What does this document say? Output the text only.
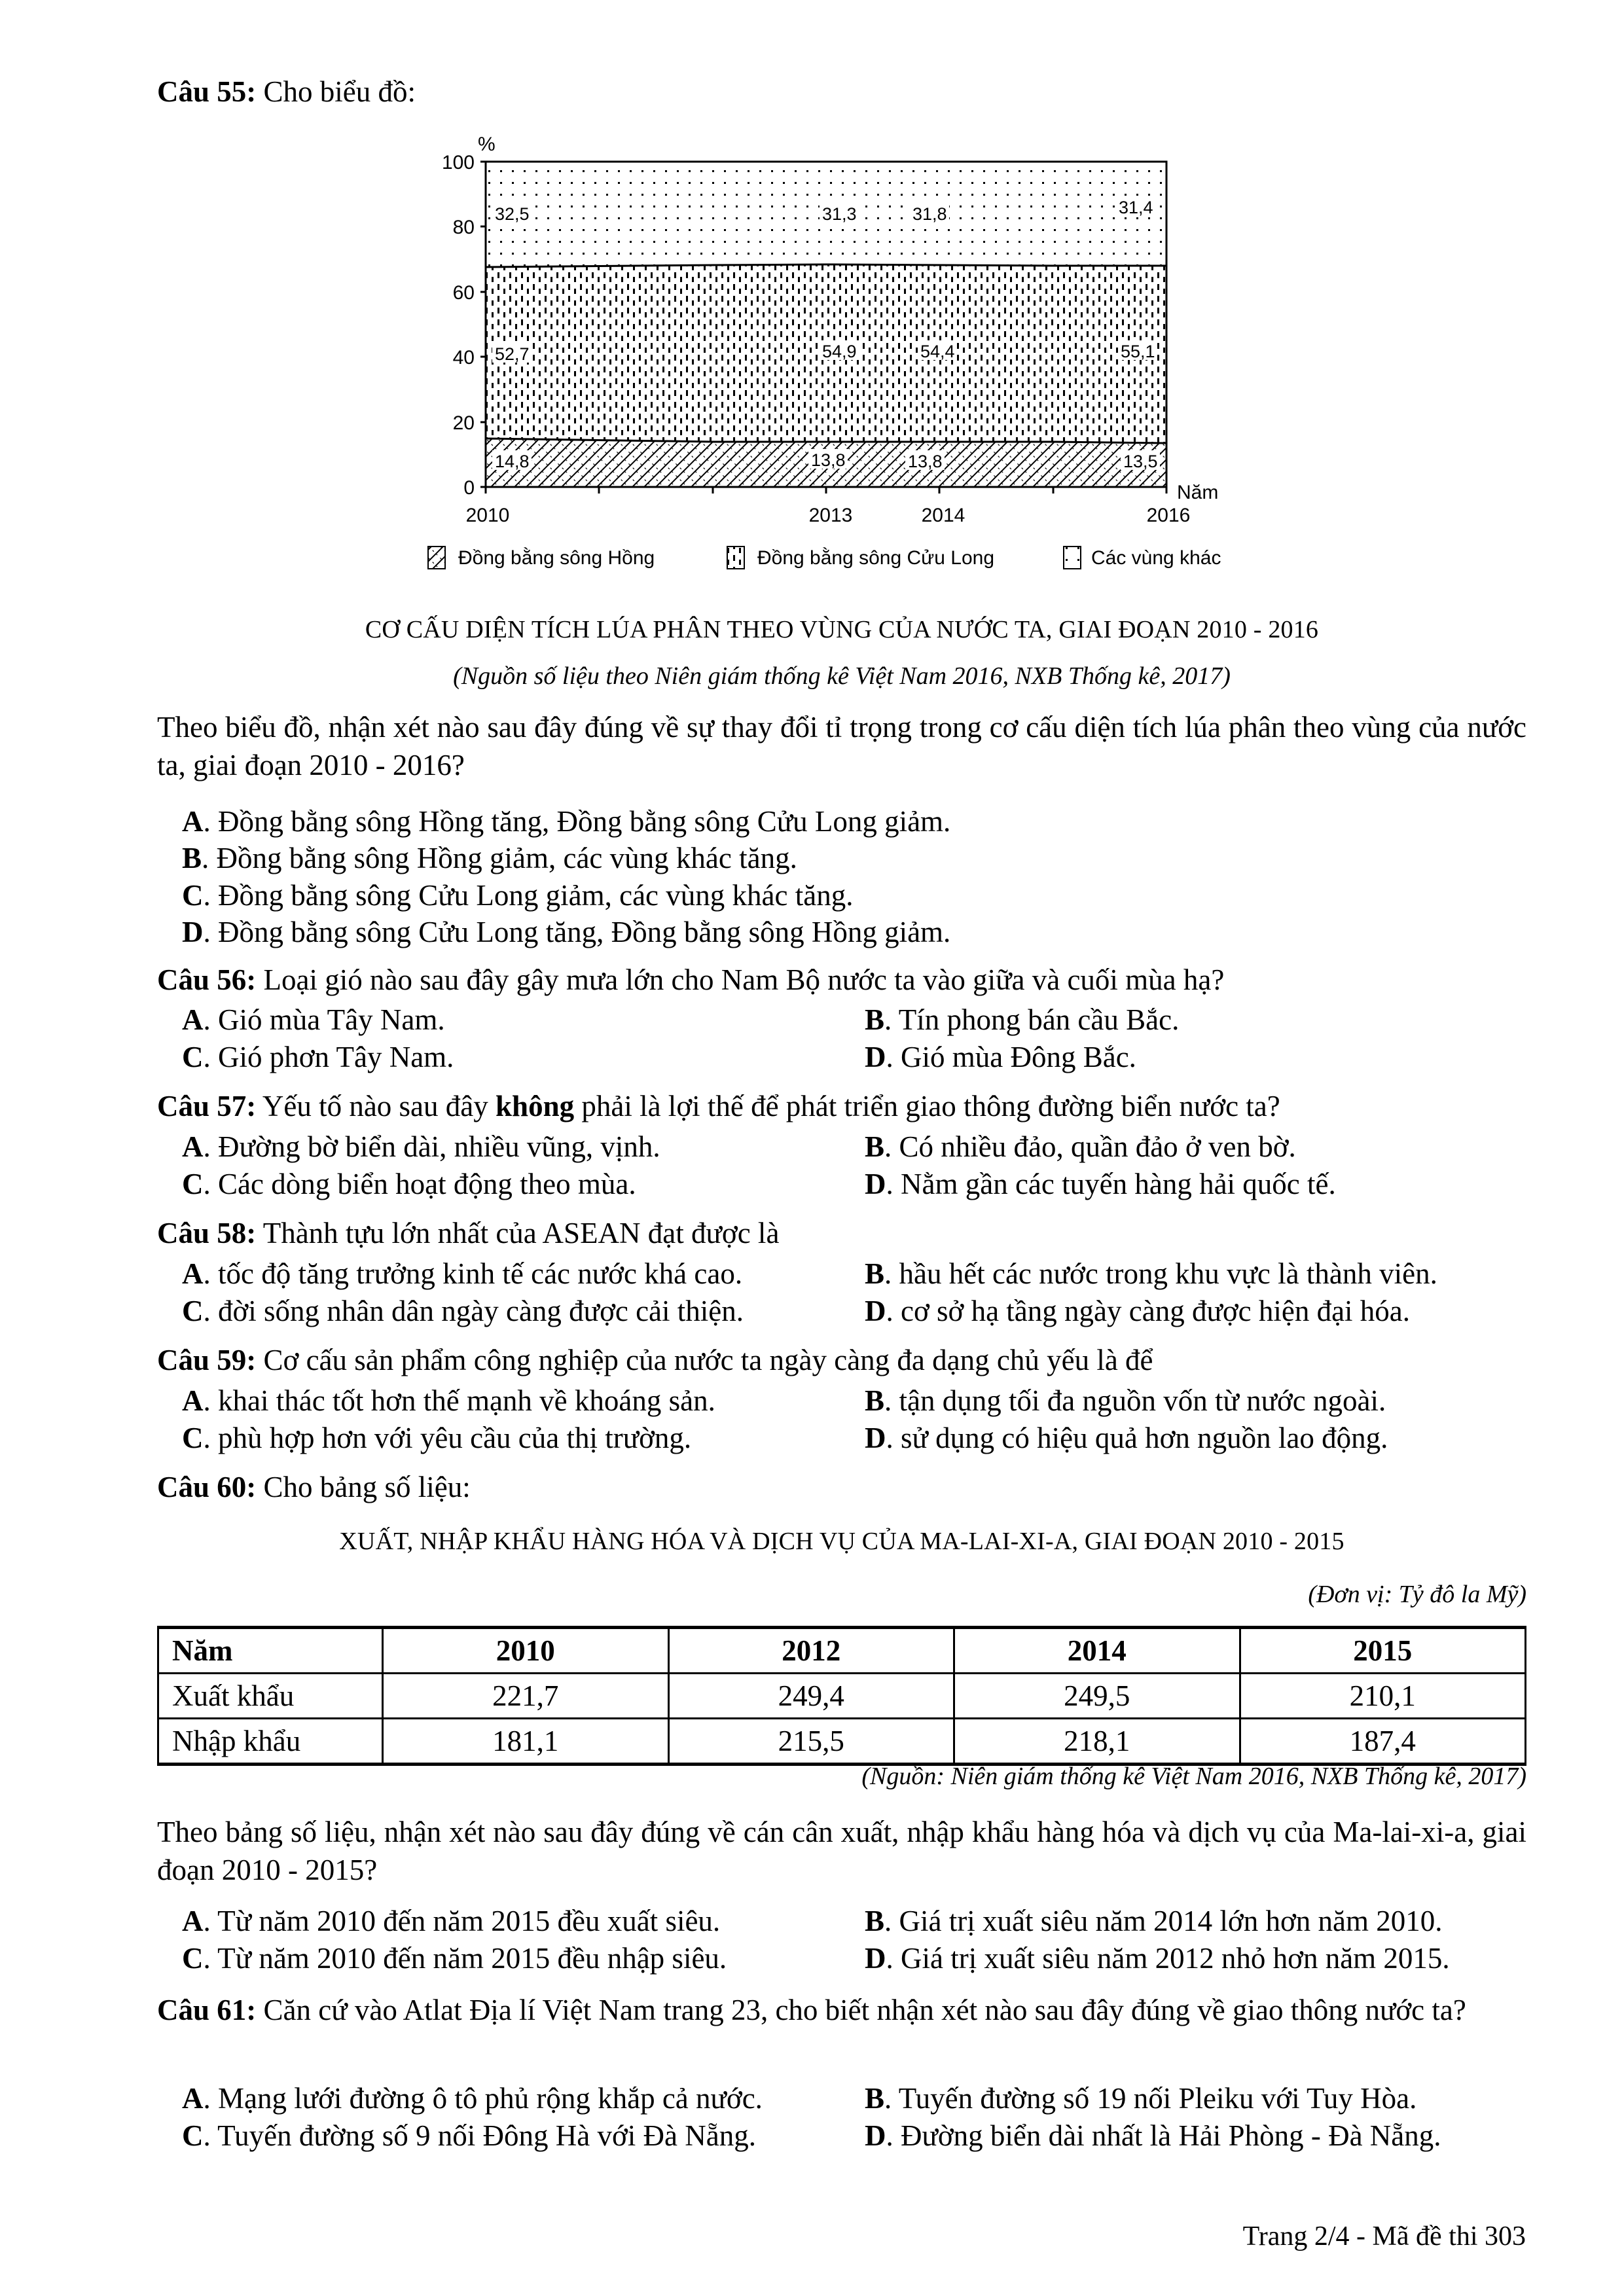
Câu 55: Cho biểu đồ:
100
80
60
40
20
0
%
2010	2013	2014	2016
Năm
32,5	31,3	31,8	31,4
52,7	54,9	54,4	55,1
14,8	13,8	13,8	13,5
Đồng bằng sông Hồng	Đồng bằng sông Cửu Long	Các vùng khác
CƠ CẤU DIỆN TÍCH LÚA PHÂN THEO VÙNG CỦA NƯỚC TA, GIAI ĐOẠN 2010 - 2016
(Nguồn số liệu theo Niên giám thống kê Việt Nam 2016, NXB Thống kê, 2017)
Theo biểu đồ, nhận xét nào sau đây đúng về sự thay đổi tỉ trọng trong cơ cấu diện tích lúa phân theo vùng của nước ta, giai đoạn 2010 - 2016?
A. Đồng bằng sông Hồng tăng, Đồng bằng sông Cửu Long giảm.
B. Đồng bằng sông Hồng giảm, các vùng khác tăng.
C. Đồng bằng sông Cửu Long giảm, các vùng khác tăng.
D. Đồng bằng sông Cửu Long tăng, Đồng bằng sông Hồng giảm.
Câu 56: Loại gió nào sau đây gây mưa lớn cho Nam Bộ nước ta vào giữa và cuối mùa hạ?
A. Gió mùa Tây Nam.	B. Tín phong bán cầu Bắc.
C. Gió phơn Tây Nam.	D. Gió mùa Đông Bắc.
Câu 57: Yếu tố nào sau đây không phải là lợi thế để phát triển giao thông đường biển nước ta?
A. Đường bờ biển dài, nhiều vũng, vịnh.	B. Có nhiều đảo, quần đảo ở ven bờ.
C. Các dòng biển hoạt động theo mùa.	D. Nằm gần các tuyến hàng hải quốc tế.
Câu 58: Thành tựu lớn nhất của ASEAN đạt được là
A. tốc độ tăng trưởng kinh tế các nước khá cao.	B. hầu hết các nước trong khu vực là thành viên.
C. đời sống nhân dân ngày càng được cải thiện.	D. cơ sở hạ tầng ngày càng được hiện đại hóa.
Câu 59: Cơ cấu sản phẩm công nghiệp của nước ta ngày càng đa dạng chủ yếu là để
A. khai thác tốt hơn thế mạnh về khoáng sản.	B. tận dụng tối đa nguồn vốn từ nước ngoài.
C. phù hợp hơn với yêu cầu của thị trường.	D. sử dụng có hiệu quả hơn nguồn lao động.
Câu 60: Cho bảng số liệu:
XUẤT, NHẬP KHẨU HÀNG HÓA VÀ DỊCH VỤ CỦA MA-LAI-XI-A, GIAI ĐOẠN 2010 - 2015
(Đơn vị: Tỷ đô la Mỹ)
Năm	2010	2012	2014	2015
Xuất khẩu	221,7	249,4	249,5	210,1
Nhập khẩu	181,1	215,5	218,1	187,4
(Nguồn: Niên giám thống kê Việt Nam 2016, NXB Thống kê, 2017)
Theo bảng số liệu, nhận xét nào sau đây đúng về cán cân xuất, nhập khẩu hàng hóa và dịch vụ của Ma-lai-xi-a, giai đoạn 2010 - 2015?
A. Từ năm 2010 đến năm 2015 đều xuất siêu.	B. Giá trị xuất siêu năm 2014 lớn hơn năm 2010.
C. Từ năm 2010 đến năm 2015 đều nhập siêu.	D. Giá trị xuất siêu năm 2012 nhỏ hơn năm 2015.
Câu 61: Căn cứ vào Atlat Địa lí Việt Nam trang 23, cho biết nhận xét nào sau đây đúng về giao thông nước ta?
A. Mạng lưới đường ô tô phủ rộng khắp cả nước.	B. Tuyến đường số 19 nối Pleiku với Tuy Hòa.
C. Tuyến đường số 9 nối Đông Hà với Đà Nẵng.	D. Đường biển dài nhất là Hải Phòng - Đà Nẵng.
Trang 2/4 - Mã đề thi 303
